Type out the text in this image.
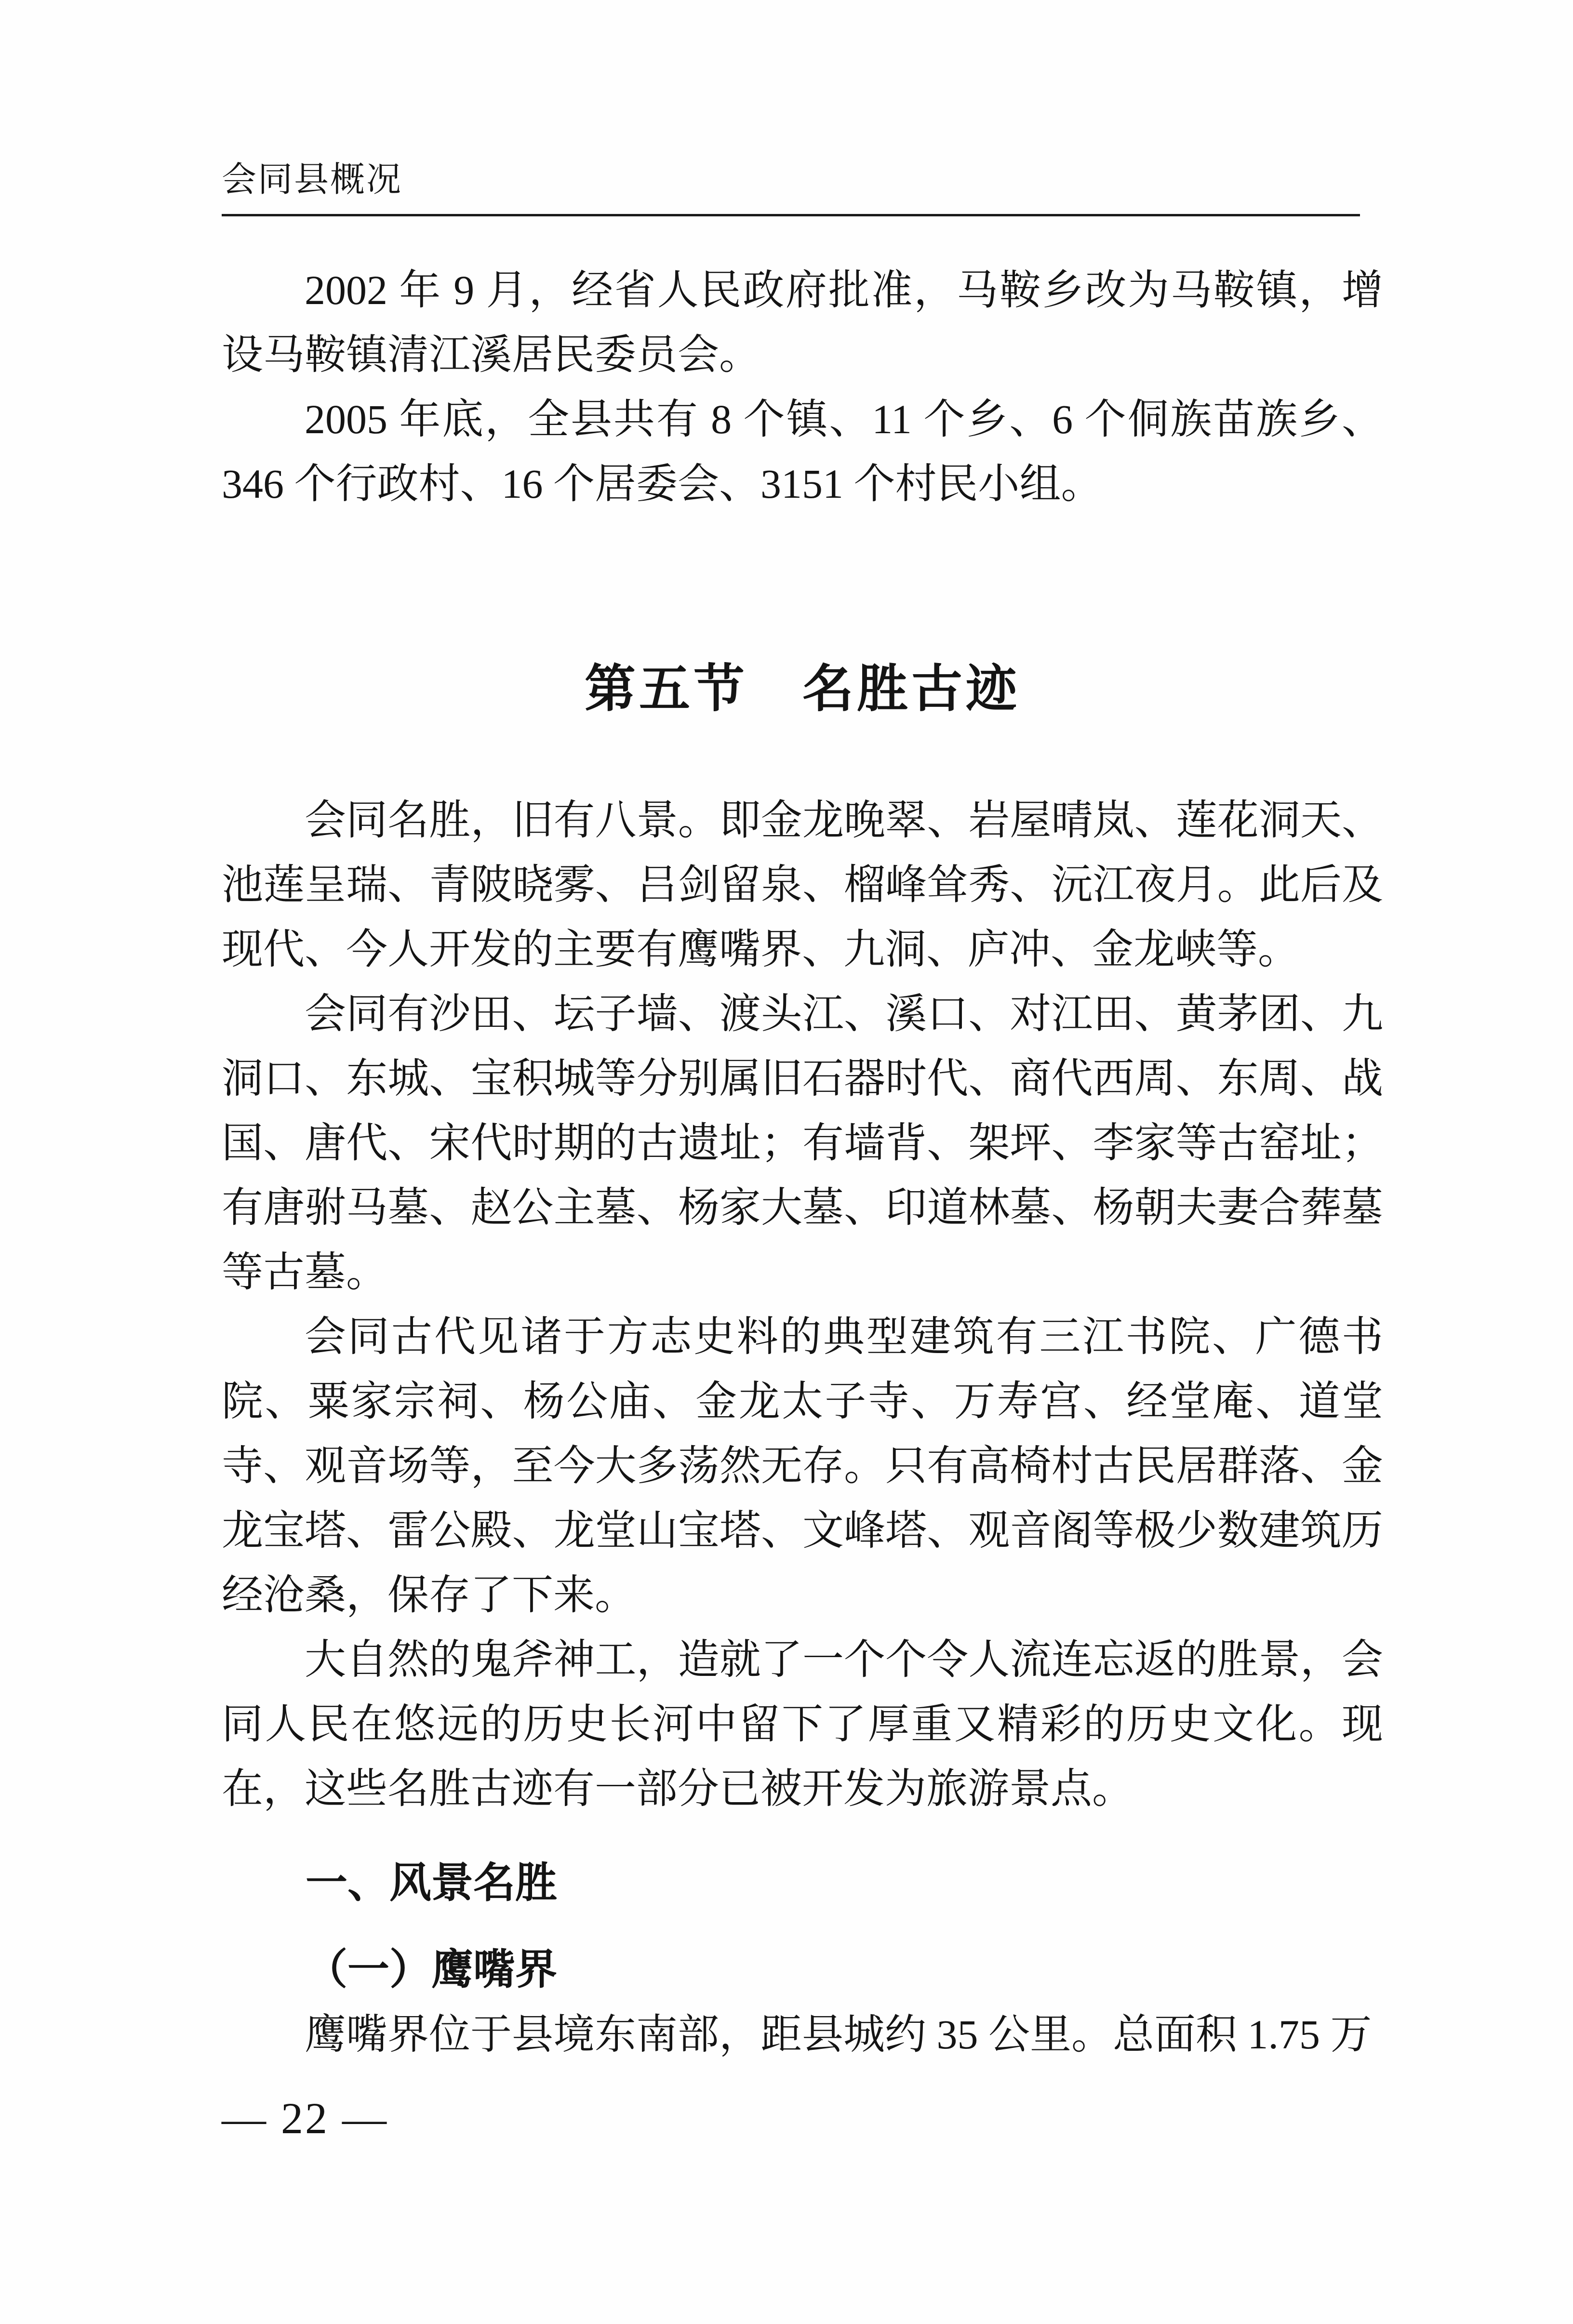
会同县概况

2002 年 9 月，经省人民政府批准，马鞍乡改为马鞍镇，增设马鞍镇清江溪居民委员会。

2005 年底，全县共有 8 个镇、11 个乡、6 个侗族苗族乡、346 个行政村、16 个居委会、3151 个村民小组。

第五节　名胜古迹

会同名胜，旧有八景。即金龙晚翠、岩屋晴岚、莲花洞天、池莲呈瑞、青陂晓雾、吕剑留泉、榴峰耸秀、沅江夜月。此后及现代、今人开发的主要有鹰嘴界、九洞、庐冲、金龙峡等。

会同有沙田、坛子墙、渡头江、溪口、对江田、黄茅团、九洞口、东城、宝积城等分别属旧石器时代、商代西周、东周、战国、唐代、宋代时期的古遗址；有墙背、架坪、李家等古窑址；有唐驸马墓、赵公主墓、杨家大墓、印道林墓、杨朝夫妻合葬墓等古墓。

会同古代见诸于方志史料的典型建筑有三江书院、广德书院、粟家宗祠、杨公庙、金龙太子寺、万寿宫、经堂庵、道堂寺、观音场等，至今大多荡然无存。只有高椅村古民居群落、金龙宝塔、雷公殿、龙堂山宝塔、文峰塔、观音阁等极少数建筑历经沧桑，保存了下来。

大自然的鬼斧神工，造就了一个个令人流连忘返的胜景，会同人民在悠远的历史长河中留下了厚重又精彩的历史文化。现在，这些名胜古迹有一部分已被开发为旅游景点。

一、风景名胜
（一）鹰嘴界

鹰嘴界位于县境东南部，距县城约 35 公里。总面积 1.75 万

— 22 —
